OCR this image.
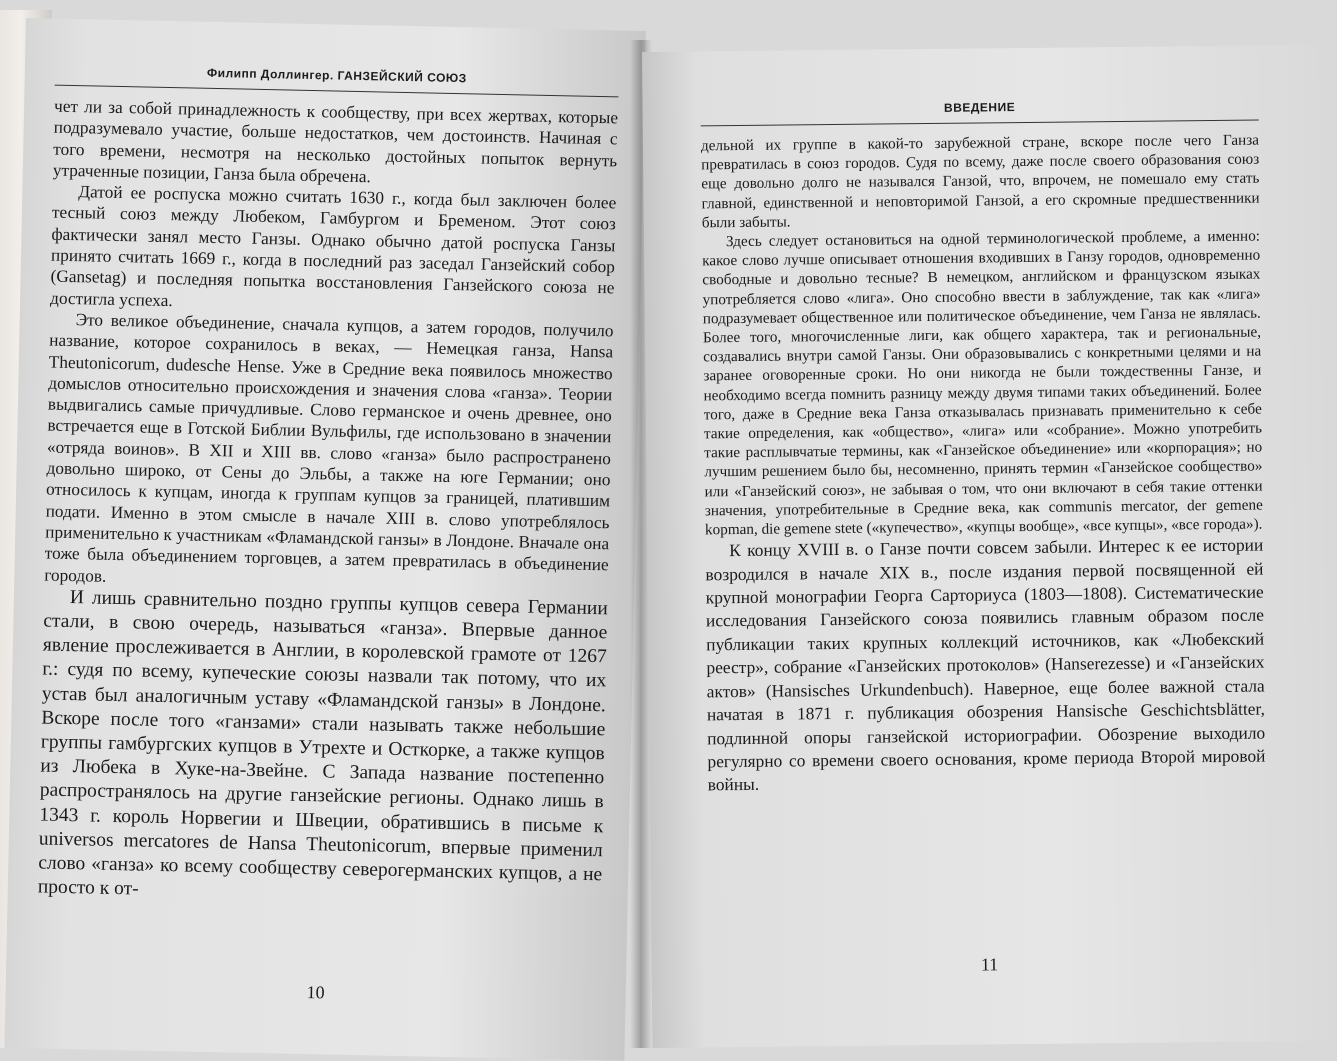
Филипп Доллингер. ГАНЗЕЙСКИЙ СОЮЗ

чет ли за собой принадлежность к сообществу, при всех жертвах, которые подразумевало участие, больше недостатков, чем достоинств. Начиная с того времени, несмотря на несколько достойных попыток вернуть утраченные позиции, Ганза была обречена.

Датой ее роспуска можно считать 1630 г., когда был заключен более тесный союз между Любеком, Гамбургом и Бременом. Этот союз фактически занял место Ганзы. Однако обычно датой роспуска Ганзы принято считать 1669 г., когда в последний раз заседал Ганзейский собор (Gansetag) и последняя попытка восстановления Ганзейского союза не достигла успеха.

Это великое объединение, сначала купцов, а затем городов, получило название, которое сохранилось в веках, — Немецкая ганза, Hansa Theutonicorum, dudesche Hense. Уже в Средние века появилось множество домыслов относительно происхождения и значения слова «ганза». Теории выдвигались самые причудливые. Слово германское и очень древнее, оно встречается еще в Готской Библии Вульфилы, где использовано в значении «отряда воинов». В XII и XIII вв. слово «ганза» было распространено довольно широко, от Сены до Эльбы, а также на юге Германии; оно относилось к купцам, иногда к группам купцов за границей, платившим подати. Именно в этом смысле в начале XIII в. слово употреблялось применительно к участникам «Фламандской ганзы» в Лондоне. Вначале она тоже была объединением торговцев, а затем превратилась в объединение городов.

И лишь сравнительно поздно группы купцов севера Германии стали, в свою очередь, называться «ганза». Впервые данное явление прослеживается в Англии, в королевской грамоте от 1267 г.: судя по всему, купеческие союзы назвали так потому, что их устав был аналогичным уставу «Фламандской ганзы» в Лондоне. Вскоре после того «ганзами» стали называть также небольшие группы гамбургских купцов в Утрехте и Осткорке, а также купцов из Любека в Хуке-на-Звейне. С Запада название постепенно распространялось на другие ганзейские регионы. Однако лишь в 1343 г. король Норвегии и Швеции, обратившись в письме к universos mercatores de Hansa Theutonicorum, впервые применил слово «ганза» ко всему сообществу северогерманских купцов, а не просто к от-

10
ВВЕДЕНИЕ

дельной их группе в какой-то зарубежной стране, вскоре после чего Ганза превратилась в союз городов. Судя по всему, даже после своего образования союз еще довольно долго не назывался Ганзой, что, впрочем, не помешало ему стать главной, единственной и неповторимой Ганзой, а его скромные предшественники были забыты.

Здесь следует остановиться на одной терминологической проблеме, а именно: какое слово лучше описывает отношения входивших в Ганзу городов, одновременно свободные и довольно тесные? В немецком, английском и французском языках употребляется слово «лига». Оно способно ввести в заблуждение, так как «лига» подразумевает общественное или политическое объединение, чем Ганза не являлась. Более того, многочисленные лиги, как общего характера, так и региональные, создавались внутри самой Ганзы. Они образовывались с конкретными целями и на заранее оговоренные сроки. Но они никогда не были тождественны Ганзе, и необходимо всегда помнить разницу между двумя типами таких объединений. Более того, даже в Средние века Ганза отказывалась признавать применительно к себе такие определения, как «общество», «лига» или «собрание». Можно употребить такие расплывчатые термины, как «Ганзейское объединение» или «корпорация»; но лучшим решением было бы, несомненно, принять термин «Ганзейское сообщество» или «Ганзейский союз», не забывая о том, что они включают в себя такие оттенки значения, употребительные в Средние века, как communis mercator, der gemene kopman, die gemene stete («купечество», «купцы вообще», «все купцы», «все города»).

К концу XVIII в. о Ганзе почти совсем забыли. Интерес к ее истории возродился в начале XIX в., после издания первой посвященной ей крупной монографии Георга Сарториуса (1803—1808). Систематические исследования Ганзейского союза появились главным образом после публикации таких крупных коллекций источников, как «Любекский реестр», собрание «Ганзейских протоколов» (Hanserezesse) и «Ганзейских актов» (Hansisches Urkundenbuch). Наверное, еще более важной стала начатая в 1871 г. публикация обозрения Hansische Geschichtsblätter, подлинной опоры ганзейской историографии. Обозрение выходило регулярно со времени своего основания, кроме периода Второй мировой войны.

11
